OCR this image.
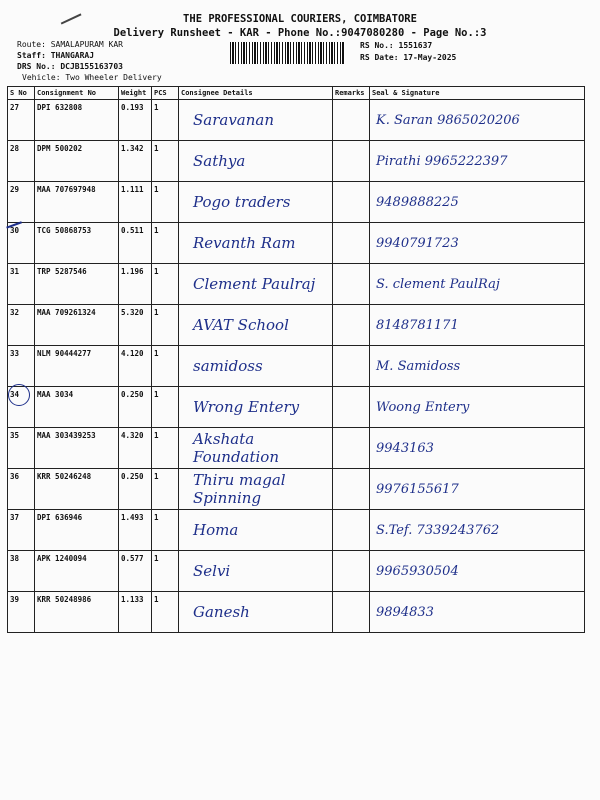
THE PROFESSIONAL COURIERS, COIMBATORE
Delivery Runsheet - KAR - Phone No.:9047080280 - Page No.:3
Route: SAMALAPURAM KAR
Staff: THANGARAJ
DRS No.: DCJB155163703
Vehicle: Two Wheeler Delivery
RS No.: 1551637
RS Date: 17-May-2025
S No	Consignment No	Weight	PCS	Consignee Details	Remarks	Seal & Signature
27	DPI 632808	0.193	1	Saravanan		K. Saran 9865020206
28	DPM 500202	1.342	1	Sathya		Pirathi 9965222397
29	MAA 707697948	1.111	1	Pogo traders		9489888225
30	TCG 50868753	0.511	1	Revanth Ram		9940791723
31	TRP 5287546	1.196	1	Clement Paulraj		S. clement PaulRaj
32	MAA 709261324	5.320	1	AVAT School		8148781171
33	NLM 90444277	4.120	1	samidoss		M. Samidoss
34	MAA 3034	0.250	1	Wrong Entery		Woong Entery
35	MAA 303439253	4.320	1	Akshata Foundation		9943163
36	KRR 50246248	0.250	1	Thiru magal Spinning		9976155617
37	DPI 636946	1.493	1	Homa		S.Tef. 7339243762
38	APK 1240094	0.577	1	Selvi		9965930504
39	KRR 50248986	1.133	1	Ganesh		9894833
